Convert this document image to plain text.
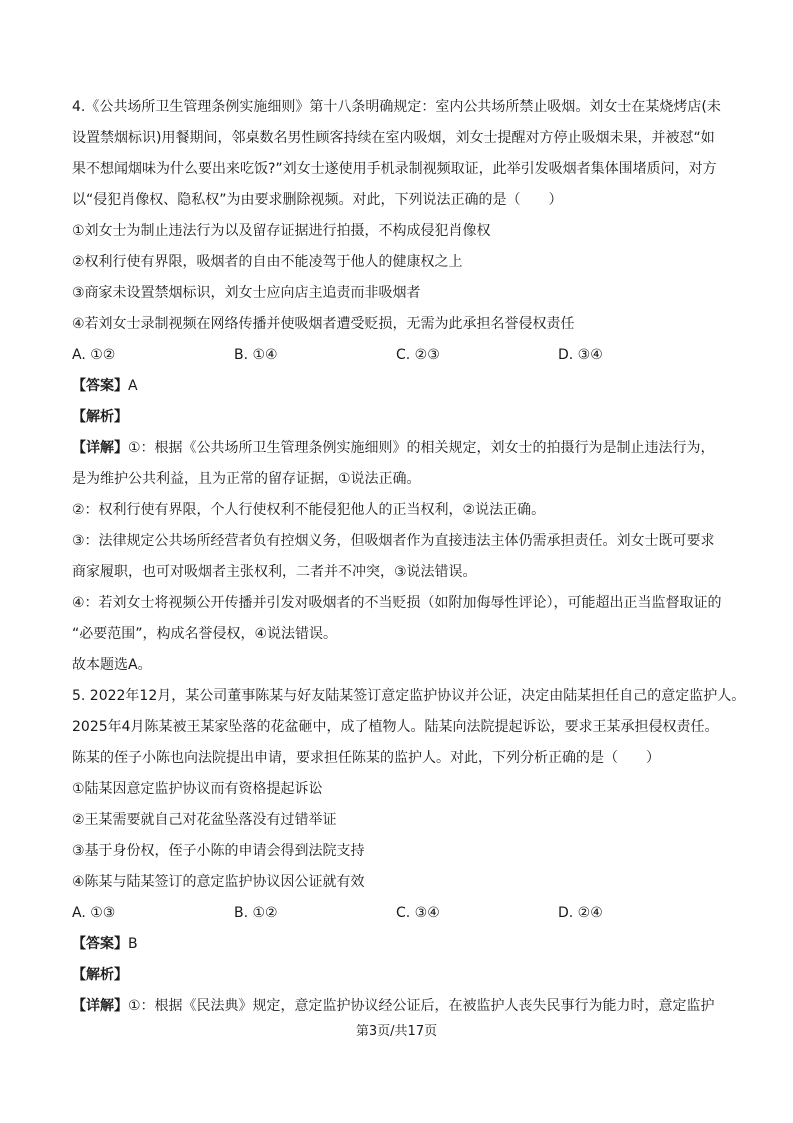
4.《公共场所卫生管理条例实施细则》第十八条明确规定：室内公共场所禁止吸烟。刘女士在某烧烤店(未

设置禁烟标识)用餐期间，邻桌数名男性顾客持续在室内吸烟，刘女士提醒对方停止吸烟未果，并被怼“如

果不想闻烟味为什么要出来吃饭?”刘女士遂使用手机录制视频取证，此举引发吸烟者集体围堵质问，对方

以“侵犯肖像权、隐私权”为由要求删除视频。对此，下列说法正确的是（　　）

①刘女士为制止违法行为以及留存证据进行拍摄，不构成侵犯肖像权

②权利行使有界限，吸烟者的自由不能凌驾于他人的健康权之上

③商家未设置禁烟标识，刘女士应向店主追责而非吸烟者

④若刘女士录制视频在网络传播并使吸烟者遭受贬损，无需为此承担名誉侵权责任

A. ①②	B. ①④	C. ②③	D. ③④

【答案】A

【解析】

【详解】①：根据《公共场所卫生管理条例实施细则》的相关规定，刘女士的拍摄行为是制止违法行为，

是为维护公共利益，且为正常的留存证据，①说法正确。

②：权利行使有界限，个人行使权利不能侵犯他人的正当权利，②说法正确。

③：法律规定公共场所经营者负有控烟义务，但吸烟者作为直接违法主体仍需承担责任。刘女士既可要求

商家履职，也可对吸烟者主张权利，二者并不冲突，③说法错误。

④：若刘女士将视频公开传播并引发对吸烟者的不当贬损（如附加侮辱性评论），可能超出正当监督取证的

“必要范围”，构成名誉侵权，④说法错误。

故本题选A。

5. 2022年12月，某公司董事陈某与好友陆某签订意定监护协议并公证，决定由陆某担任自己的意定监护人。

2025年4月陈某被王某家坠落的花盆砸中，成了植物人。陆某向法院提起诉讼，要求王某承担侵权责任。

陈某的侄子小陈也向法院提出申请，要求担任陈某的监护人。对此，下列分析正确的是（　　）

①陆某因意定监护协议而有资格提起诉讼

②王某需要就自己对花盆坠落没有过错举证

③基于身份权，侄子小陈的申请会得到法院支持

④陈某与陆某签订的意定监护协议因公证就有效

A. ①③	B. ①②	C. ③④	D. ②④

【答案】B

【解析】

【详解】①：根据《民法典》规定，意定监护协议经公证后，在被监护人丧失民事行为能力时，意定监护

第3页/共17页
